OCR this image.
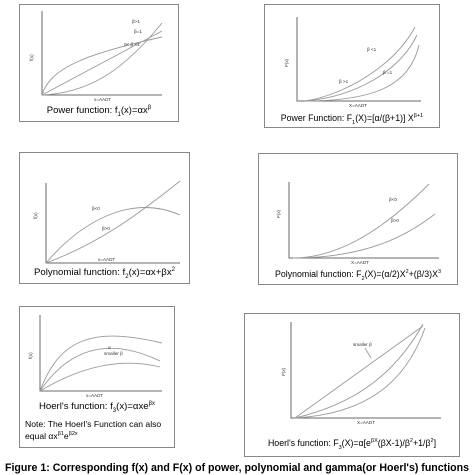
f(x)
x=AADT
β>1
β=1
0< β <1
Power function: $f_1(x)=\alpha x^\beta$
F(x)
X=AADT
β <1
β =1
β >1
Power Function: $F_1(X)=[\alpha/(\beta+1)]$ $X^{\beta+1}$
f(x)
x=AADT
β<0
β>0
Polynomial function: $f_2(x)=\alpha x+\beta x^2$
F(x)
X=AADT
β<0
β>0
Polynomial function: $F_2(X)=(\alpha/2)X^2+(\beta/3)X^3$
f(x)
x=AADT
α
smaller β
Hoerl's function: $f_3(x)=\alpha xe^{\beta x}$
Note: The Hoerl's Function can also
equal $\alpha x^{\beta 1}e^{\beta 2x}$
F(x)
X=AADT
smaller β
Hoerl's function: $F_3(X)=\alpha[e^{\beta X}(\beta X-1)/\beta^2+1/\beta^2]$
Figure 1: Corresponding f(x) and F(x) of power, polynomial and gamma(or Hoerl's) functions
